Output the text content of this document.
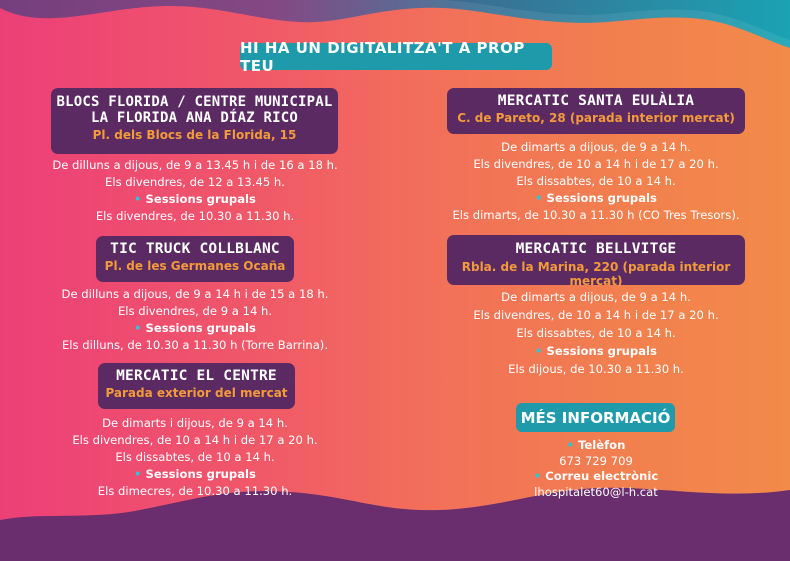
HI HA UN DIGITALITZA'T A PROP TEU
BLOCS FLORIDA / CENTRE MUNICIPAL
LA FLORIDA ANA DÍAZ RICO
Pl. dels Blocs de la Florida, 15
De dilluns a dijous, de 9 a 13.45 h i de 16 a 18 h.
Els divendres, de 12 a 13.45 h.
• Sessions grupals
Els divendres, de 10.30 a 11.30 h.
TIC TRUCK COLLBLANC
Pl. de les Germanes Ocaña
De dilluns a dijous, de 9 a 14 h i de 15 a 18 h.
Els divendres, de 9 a 14 h.
• Sessions grupals
Els dilluns, de 10.30 a 11.30 h (Torre Barrina).
MERCATIC EL CENTRE
Parada exterior del mercat
De dimarts i dijous, de 9 a 14 h.
Els divendres, de 10 a 14 h i de 17 a 20 h.
Els dissabtes, de 10 a 14 h.
• Sessions grupals
Els dimecres, de 10.30 a 11.30 h.
MERCATIC SANTA EULÀLIA
C. de Pareto, 28 (parada interior mercat)
De dimarts a dijous, de 9 a 14 h.
Els divendres, de 10 a 14 h i de 17 a 20 h.
Els dissabtes, de 10 a 14 h.
• Sessions grupals
Els dimarts, de 10.30 a 11.30 h (CO Tres Tresors).
MERCATIC BELLVITGE
Rbla. de la Marina, 220 (parada interior mercat)
De dimarts a dijous, de 9 a 14 h.
Els divendres, de 10 a 14 h i de 17 a 20 h.
Els dissabtes, de 10 a 14 h.
• Sessions grupals
Els dijous, de 10.30 a 11.30 h.
MÉS INFORMACIÓ
• Telèfon
673 729 709
• Correu electrònic
lhospitalet60@l-h.cat
